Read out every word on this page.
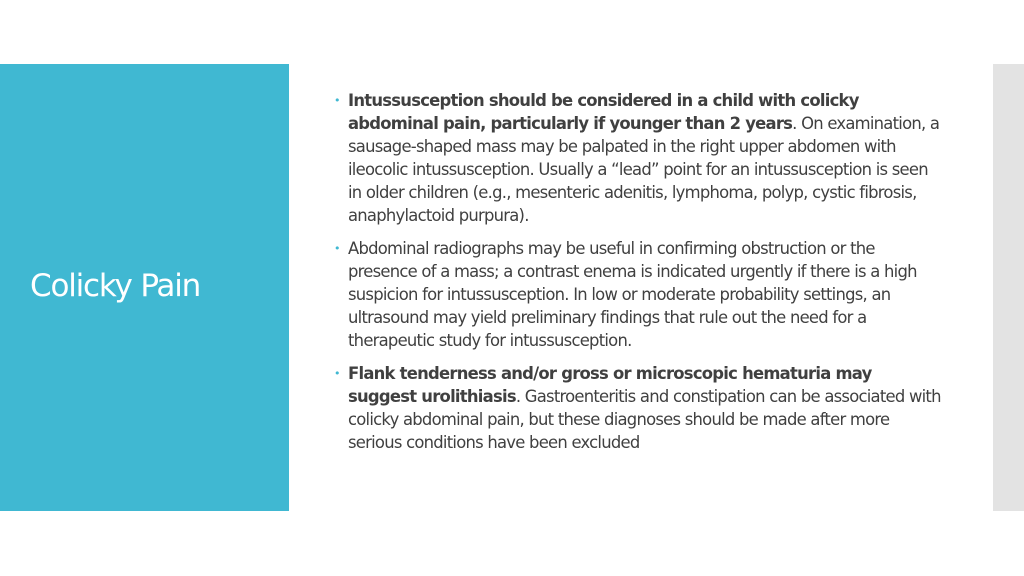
Colicky Pain
• Intussusception should be considered in a child with colicky abdominal pain, particularly if younger than 2 years. On examination, a sausage-shaped mass may be palpated in the right upper abdomen with ileocolic intussusception. Usually a “lead” point for an intussusception is seen in older children (e.g., mesenteric adenitis, lymphoma, polyp, cystic fibrosis, anaphylactoid purpura).
• Abdominal radiographs may be useful in confirming obstruction or the presence of a mass; a contrast enema is indicated urgently if there is a high suspicion for intussusception. In low or moderate probability settings, an ultrasound may yield preliminary findings that rule out the need for a therapeutic study for intussusception.
• Flank tenderness and/or gross or microscopic hematuria may suggest urolithiasis. Gastroenteritis and constipation can be associated with colicky abdominal pain, but these diagnoses should be made after more serious conditions have been excluded
